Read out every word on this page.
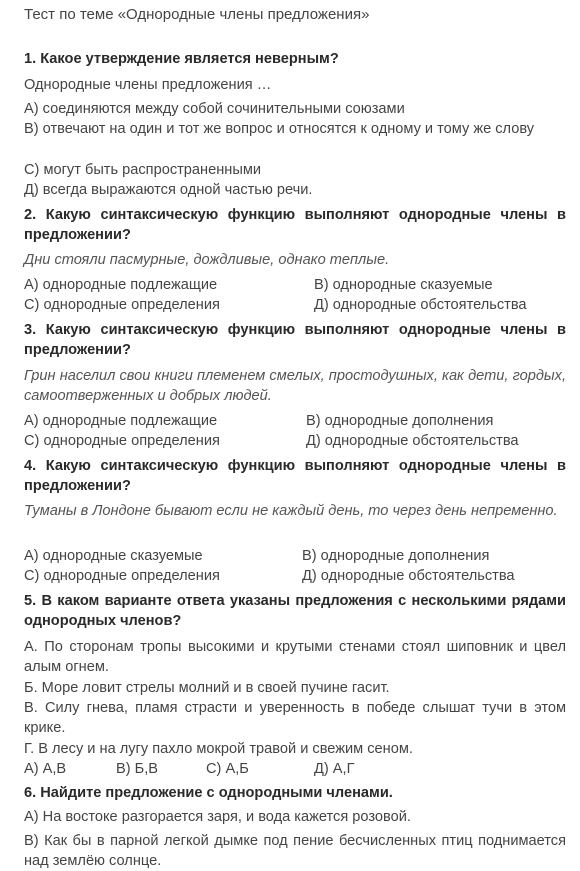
Тест по теме «Однородные члены предложения»
1. Какое утверждение является неверным?
Однородные члены предложения …
А) соединяются между собой сочинительными союзами
В) отвечают на один и тот же вопрос и относятся к одному и тому же слову
С) могут быть распространенными
Д) всегда выражаются одной частью речи.
2. Какую синтаксическую функцию выполняют однородные члены в предложении?
Дни стояли пасмурные, дождливые, однако теплые.
А) однородные подлежащие	В) однородные сказуемые
С) однородные определения	Д) однородные обстоятельства
3. Какую синтаксическую функцию выполняют однородные члены в предложении?
Грин населил свои книги племенем смелых, простодушных, как дети, гордых, самоотверженных и добрых людей.
А) однородные подлежащие	В) однородные дополнения
С) однородные определения	Д) однородные обстоятельства
4. Какую синтаксическую функцию выполняют однородные члены в предложении?
Туманы в Лондоне бывают если не каждый день, то через день непременно.
А) однородные сказуемые	В) однородные дополнения
С) однородные определения	Д) однородные обстоятельства
5. В каком варианте ответа указаны предложения с несколькими рядами однородных членов?
А. По сторонам тропы высокими и крутыми стенами стоял шиповник и цвел алым огнем.
Б. Море ловит стрелы молний и в своей пучине гасит.
В. Силу гнева, пламя страсти и уверенность в победе слышат тучи в этом крике.
Г. В лесу и на лугу пахло мокрой травой и свежим сеном.
А) А,В	В) Б,В	С) А,Б	Д) А,Г
6. Найдите предложение с однородными членами.
А) На востоке разгорается заря, и вода кажется розовой.
В) Как бы в парной легкой дымке под пение бесчисленных птиц поднимается над землёю солнце.
